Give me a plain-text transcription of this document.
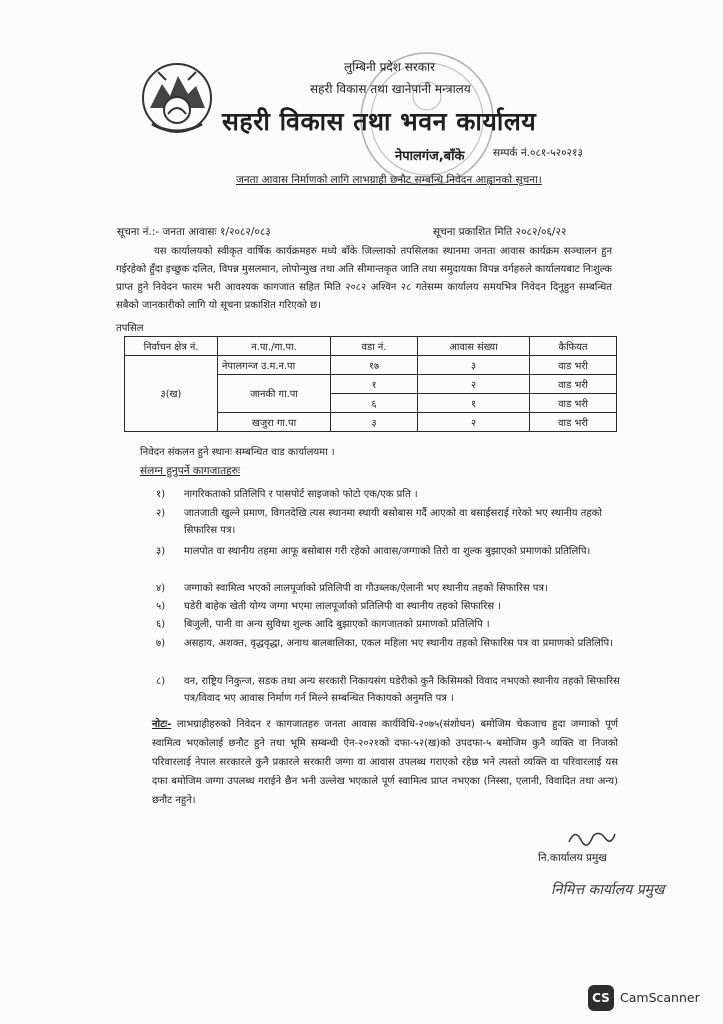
लुम्बिनी प्रदेश सरकार
सहरी विकास तथा खानेपानी मन्त्रालय
सहरी विकास तथा भवन कार्यालय
नेपालगंज,बाँके	सम्पर्क नं.०८१-५२०२१३
जनता आवास निर्माणको लागि लाभग्राही छनौट सम्बन्धि निवेदन आह्वानको सूचना।
सूचना नं.:- जनता आवासः १/२०८२/०८३	सूचना प्रकाशित मिति २०८२/०६/२२
यस कार्यालयको स्वीकृत वार्षिक कार्यक्रमहरु मध्ये बाँके जिल्लाको तपसिलका स्थानमा जनता आवास कार्यक्रम सञ्चालन हुन गईरहेको हुँदा इच्छुक दलित, विपन्न मुसलमान, लोपोन्मुख तथा अति सीमान्तकृत जाति तथा समुदायका विपन्न वर्गहरुले कार्यालयबाट निःशुल्क प्राप्त हुने निवेदन फारम भरी आवश्यक कागजात सहित मिति २०८२ अश्विन २८ गतेसम्म कार्यालय समयभित्र निवेदन दिनुहुन सम्बन्धित सबैको जानकारीको लागि यो सूचना प्रकाशित गरिएको छ।
तपसिल
निर्वाचन क्षेत्र नं.	न.पा./गा.पा.	वडा नं.	आवास संख्या	कैफियत
३(ख)	नेपालगन्ज उ.म.न.पा	१७	३	वाड भरी
	जानकी गा.पा	१	२	वाड भरी
		६	१	वाड भरी
	खजुरा गा.पा	३	२	वाड भरी
निवेदन संकलन हुने स्थानः सम्बन्धित वाड कार्यालयमा ।
संलग्न हुनुपर्ने कागजातहरुः
१) नागरिकताको प्रतिलिपि र पासपोर्ट साइजको फोटो एक/एक प्रति ।
२) जातजाती खुल्ने प्रमाण, विगतदेखि त्यस स्थानमा स्थायी बसोबास गर्दै आएको वा बसाईसराई गरेको भए स्थानीय तहको सिफारिस पत्र।
३) मालपोत वा स्थानीय तहमा आफू बसोबास गरी रहेको आवास/जग्गाको तिरो वा शुल्क बुझाएको प्रमाणको प्रतिलिपि।
४) जग्गाको स्वामित्व भएको लालपूर्जाको प्रतिलिपी वा गौउब्लक/ऐलानी भए स्थानीय तहको सिफारिस पत्र।
५) घडेरी बाहेक खेती योग्य जग्गा भएमा लालपूर्जाको प्रतिलिपी वा स्थानीय तहको सिफारिस ।
६) बिजुली, पानी वा अन्य सुविधा शुल्क आदि बुझाएको कागजातको प्रमाणको प्रतिलिपि ।
७) असहाय, अशक्त, वृद्धवृद्धा, अनाथ बालबालिका, एकल महिला भए स्थानीय तहको सिफारिस पत्र वा प्रमाणको प्रतिलिपि।
८) वन, राष्ट्रिय निकुन्ज, सडक तथा अन्य सरकारी निकायसंग घडेरीको कुनै किसिमको विवाद नभएको स्थानीय तहको सिफारिस पत्र/विवाद भए आवास निर्माण गर्न मिल्ने सम्बन्धित निकायको अनुमति पत्र ।
नोटः- लाभग्राहीहरुको निवेदन र कागजातहरु जनता आवास कार्यविधि-२०७५(संशोधन) बमोजिम चेकजाच हुदा जग्गाको पूर्ण स्वामित्व भएकोलाई छनौट हुने तथा भूमि सम्बन्धी ऐन-२०२१को दफा-५२(ख)को उपदफा-५ बमोजिम कुनै व्यक्ति वा निजको परिवारलाई नेपाल सरकारले कुनै प्रकारले सरकारी जग्गा वा आवास उपलब्ध गराएको रहेछ भने त्यस्तो व्यक्ति वा परिवारलाई यस दफा बमोजिम जग्गा उपलब्ध गराईने छैन भनी उल्लेख भएकाले पूर्ण स्वामित्व प्राप्त नभएका (निस्सा, एलानी, विवादित तथा अन्य) छनौट नहुने।
नि.कार्यालय प्रमुख
निमित्त कार्यालय प्रमुख
CS CamScanner
